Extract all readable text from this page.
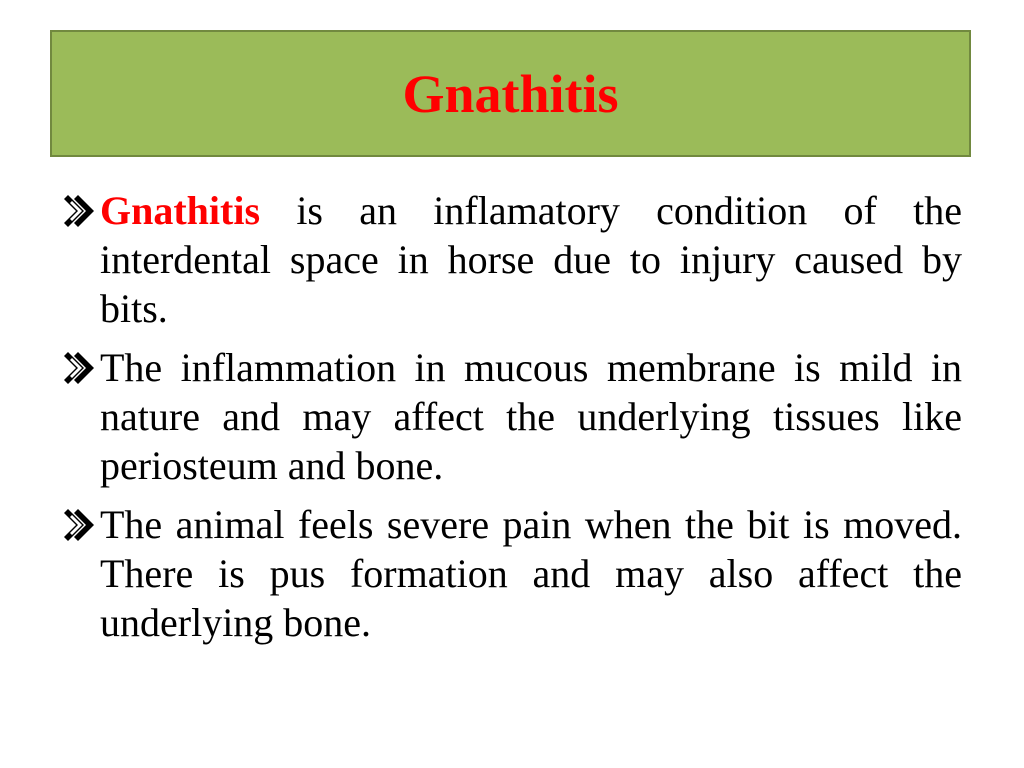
Gnathitis
Gnathitis is an inflamatory condition of the interdental space in horse due to injury caused by bits.
The inflammation in mucous membrane is mild in nature and may affect the underlying tissues like periosteum and bone.
The animal feels severe pain when the bit is moved. There is pus formation and may also affect the underlying bone.
